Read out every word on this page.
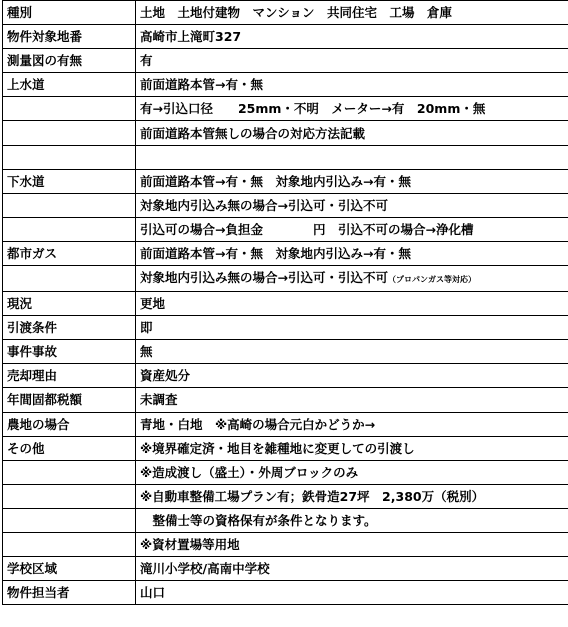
種別	土地　土地付建物　マンション　共同住宅　工場　倉庫
物件対象地番	高崎市上滝町327
測量図の有無	有
上水道	前面道路本管→有・無
	有→引込口径　　25mm・不明　メーター→有　20mm・無
	前面道路本管無しの場合の対応方法記載

下水道	前面道路本管→有・無　対象地内引込み→有・無
	対象地内引込み無の場合→引込可・引込不可
	引込可の場合→負担金　　　　円　引込不可の場合→浄化槽
都市ガス	前面道路本管→有・無　対象地内引込み→有・無
	対象地内引込み無の場合→引込可・引込不可（プロパンガス等対応）
現況	更地
引渡条件	即
事件事故	無
売却理由	資産処分
年間固都税額	未調査
農地の場合	青地・白地　※高崎の場合元白かどうか→
その他	※境界確定済・地目を雑種地に変更しての引渡し
	※造成渡し（盛土）・外周ブロックのみ
	※自動車整備工場プラン有；鉄骨造27坪　2,380万（税別）
	　整備士等の資格保有が条件となります。
	※資材置場等用地
学校区域	滝川小学校/高南中学校
物件担当者	山口
